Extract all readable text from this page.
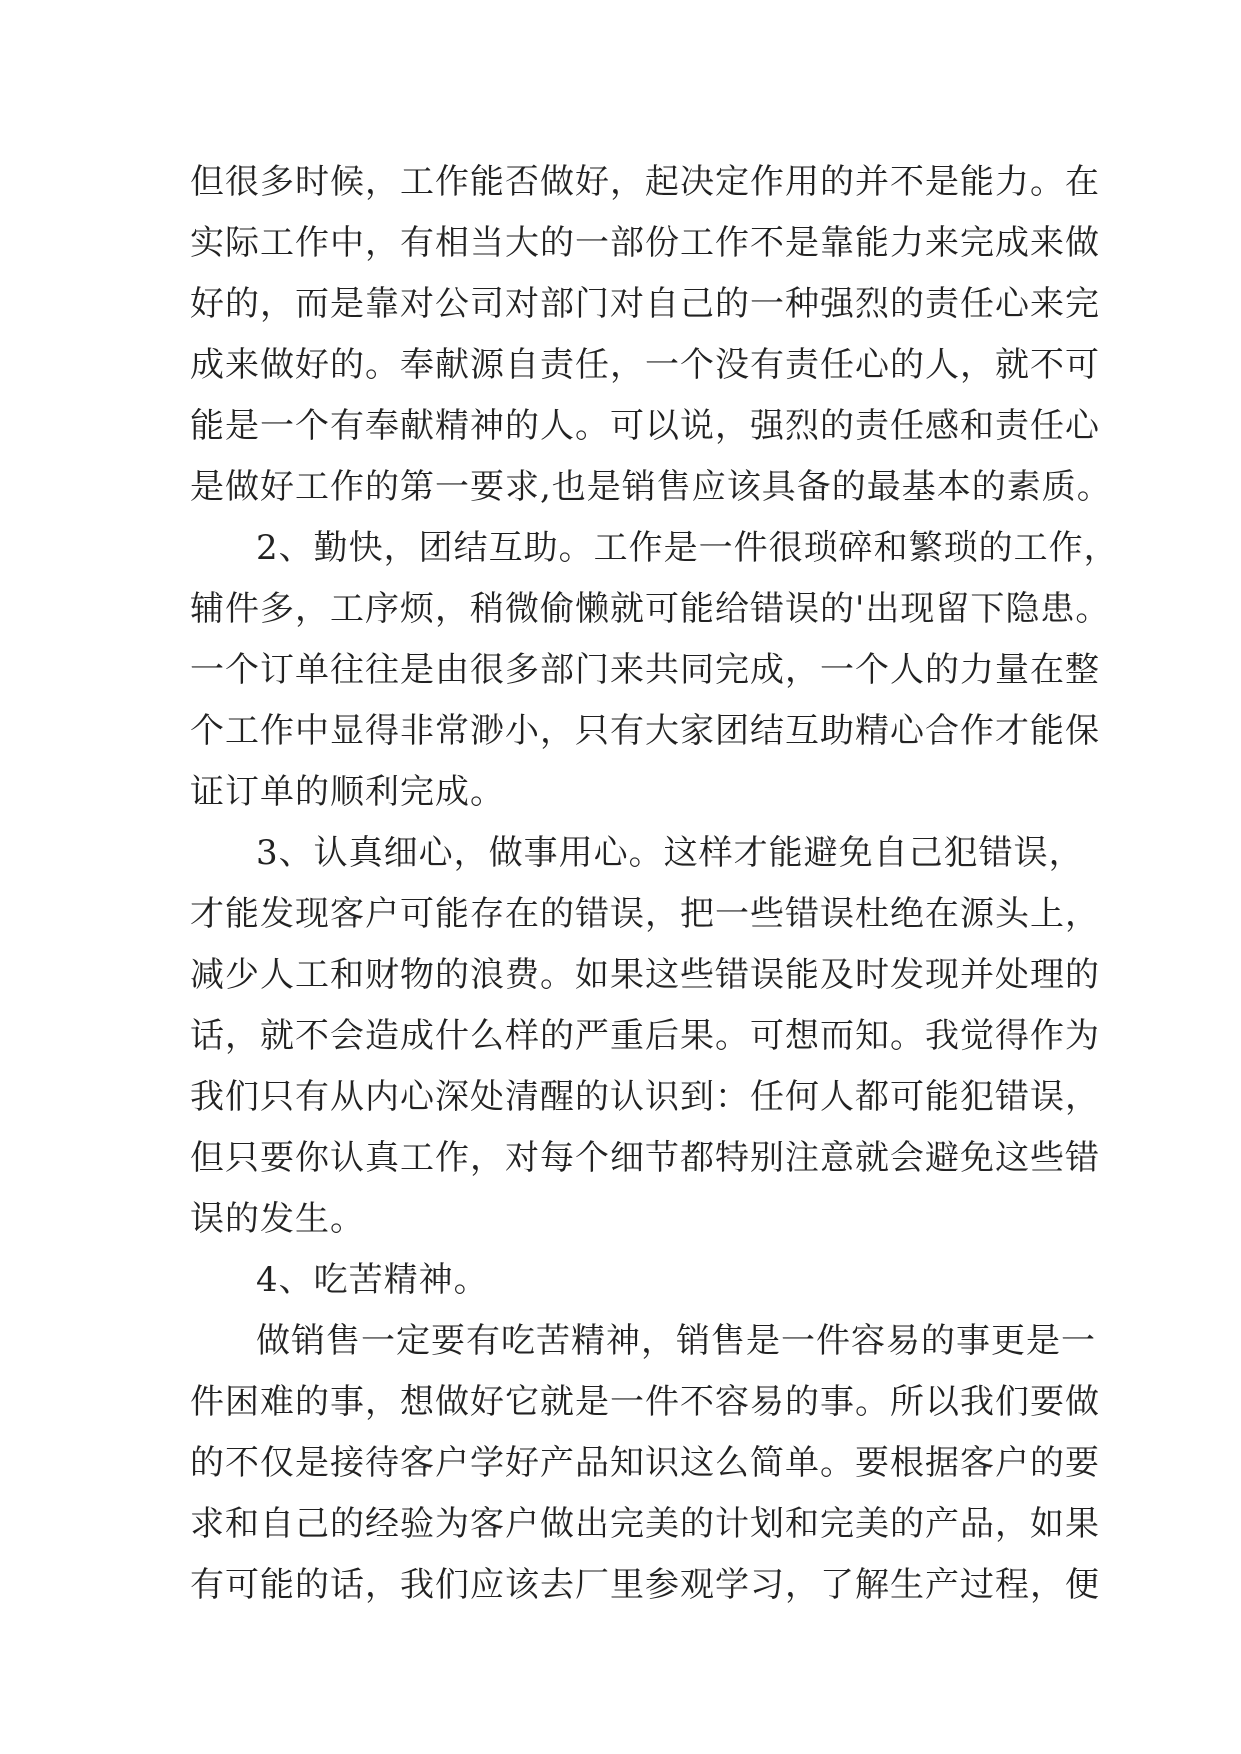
但很多时候，工作能否做好，起决定作用的并不是能力。在
实际工作中，有相当大的一部份工作不是靠能力来完成来做
好的，而是靠对公司对部门对自己的一种强烈的责任心来完
成来做好的。奉献源自责任，一个没有责任心的人，就不可
能是一个有奉献精神的人。可以说，强烈的责任感和责任心
是做好工作的第一要求,也是销售应该具备的最基本的素质。
2、勤快，团结互助。工作是一件很琐碎和繁琐的工作，
辅件多，工序烦，稍微偷懒就可能给错误的'出现留下隐患。
一个订单往往是由很多部门来共同完成，一个人的力量在整
个工作中显得非常渺小，只有大家团结互助精心合作才能保
证订单的顺利完成。
3、认真细心，做事用心。这样才能避免自己犯错误，
才能发现客户可能存在的错误，把一些错误杜绝在源头上，
减少人工和财物的浪费。如果这些错误能及时发现并处理的
话，就不会造成什么样的严重后果。可想而知。我觉得作为
我们只有从内心深处清醒的认识到：任何人都可能犯错误，
但只要你认真工作，对每个细节都特别注意就会避免这些错
误的发生。
4、吃苦精神。
做销售一定要有吃苦精神，销售是一件容易的事更是一
件困难的事，想做好它就是一件不容易的事。所以我们要做
的不仅是接待客户学好产品知识这么简单。要根据客户的要
求和自己的经验为客户做出完美的计划和完美的产品，如果
有可能的话，我们应该去厂里参观学习，了解生产过程，便
